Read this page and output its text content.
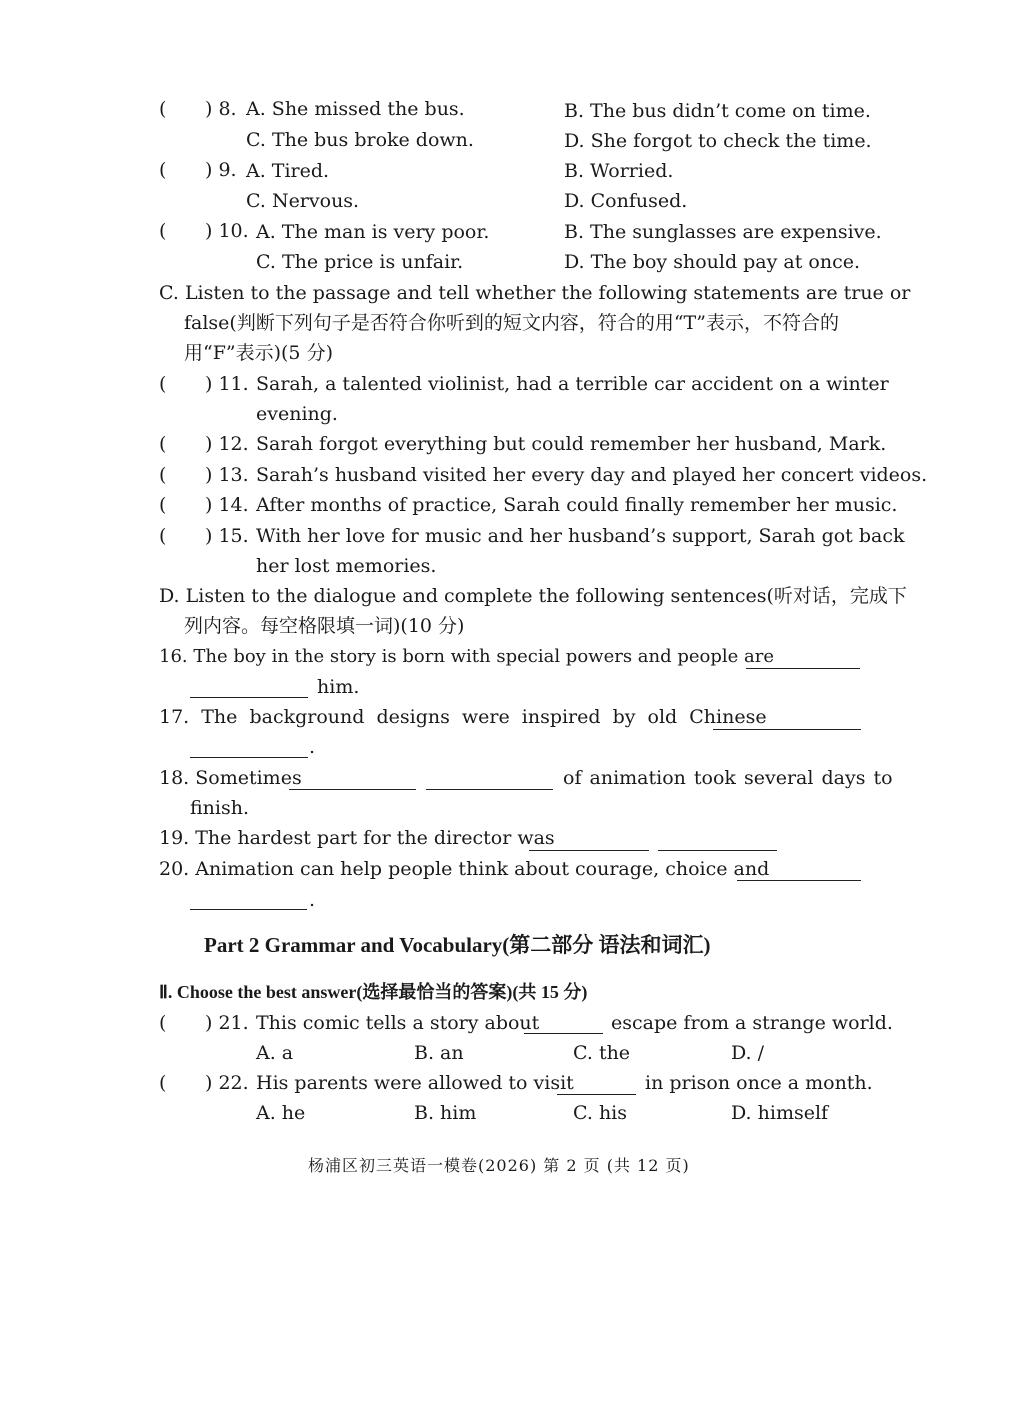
( ) 8. A. She missed the bus.	B. The bus didn’t come on time.
C. The bus broke down.	D. She forgot to check the time.
( ) 9. A. Tired.	B. Worried.
C. Nervous.	D. Confused.
( ) 10. A. The man is very poor.	B. The sunglasses are expensive.
C. The price is unfair.	D. The boy should pay at once.
C. Listen to the passage and tell whether the following statements are true or
false(判断下列句子是否符合你听到的短文内容，符合的用“T”表示，不符合的
用“F”表示)(5 分)
( ) 11. Sarah, a talented violinist, had a terrible car accident on a winter
evening.
( ) 12. Sarah forgot everything but could remember her husband, Mark.
( ) 13. Sarah’s husband visited her every day and played her concert videos.
( ) 14. After months of practice, Sarah could finally remember her music.
( ) 15. With her love for music and her husband’s support, Sarah got back
her lost memories.
D. Listen to the dialogue and complete the following sentences(听对话，完成下
列内容。每空格限填一词)(10 分)
16. The boy in the story is born with special powers and people are
him.
17. The background designs were inspired by old Chinese
.
18. Sometimes	of animation took several days to
finish.
19. The hardest part for the director was
20. Animation can help people think about courage, choice and
.
Part 2 Grammar and Vocabulary(第二部分 语法和词汇)
Ⅱ. Choose the best answer(选择最恰当的答案)(共 15 分)
( ) 21. This comic tells a story about	escape from a strange world.
A. a	B. an	C. the	D. /
( ) 22. His parents were allowed to visit	in prison once a month.
A. he	B. him	C. his	D. himself
杨浦区初三英语一模卷(2026) 第 2 页 (共 12 页)
